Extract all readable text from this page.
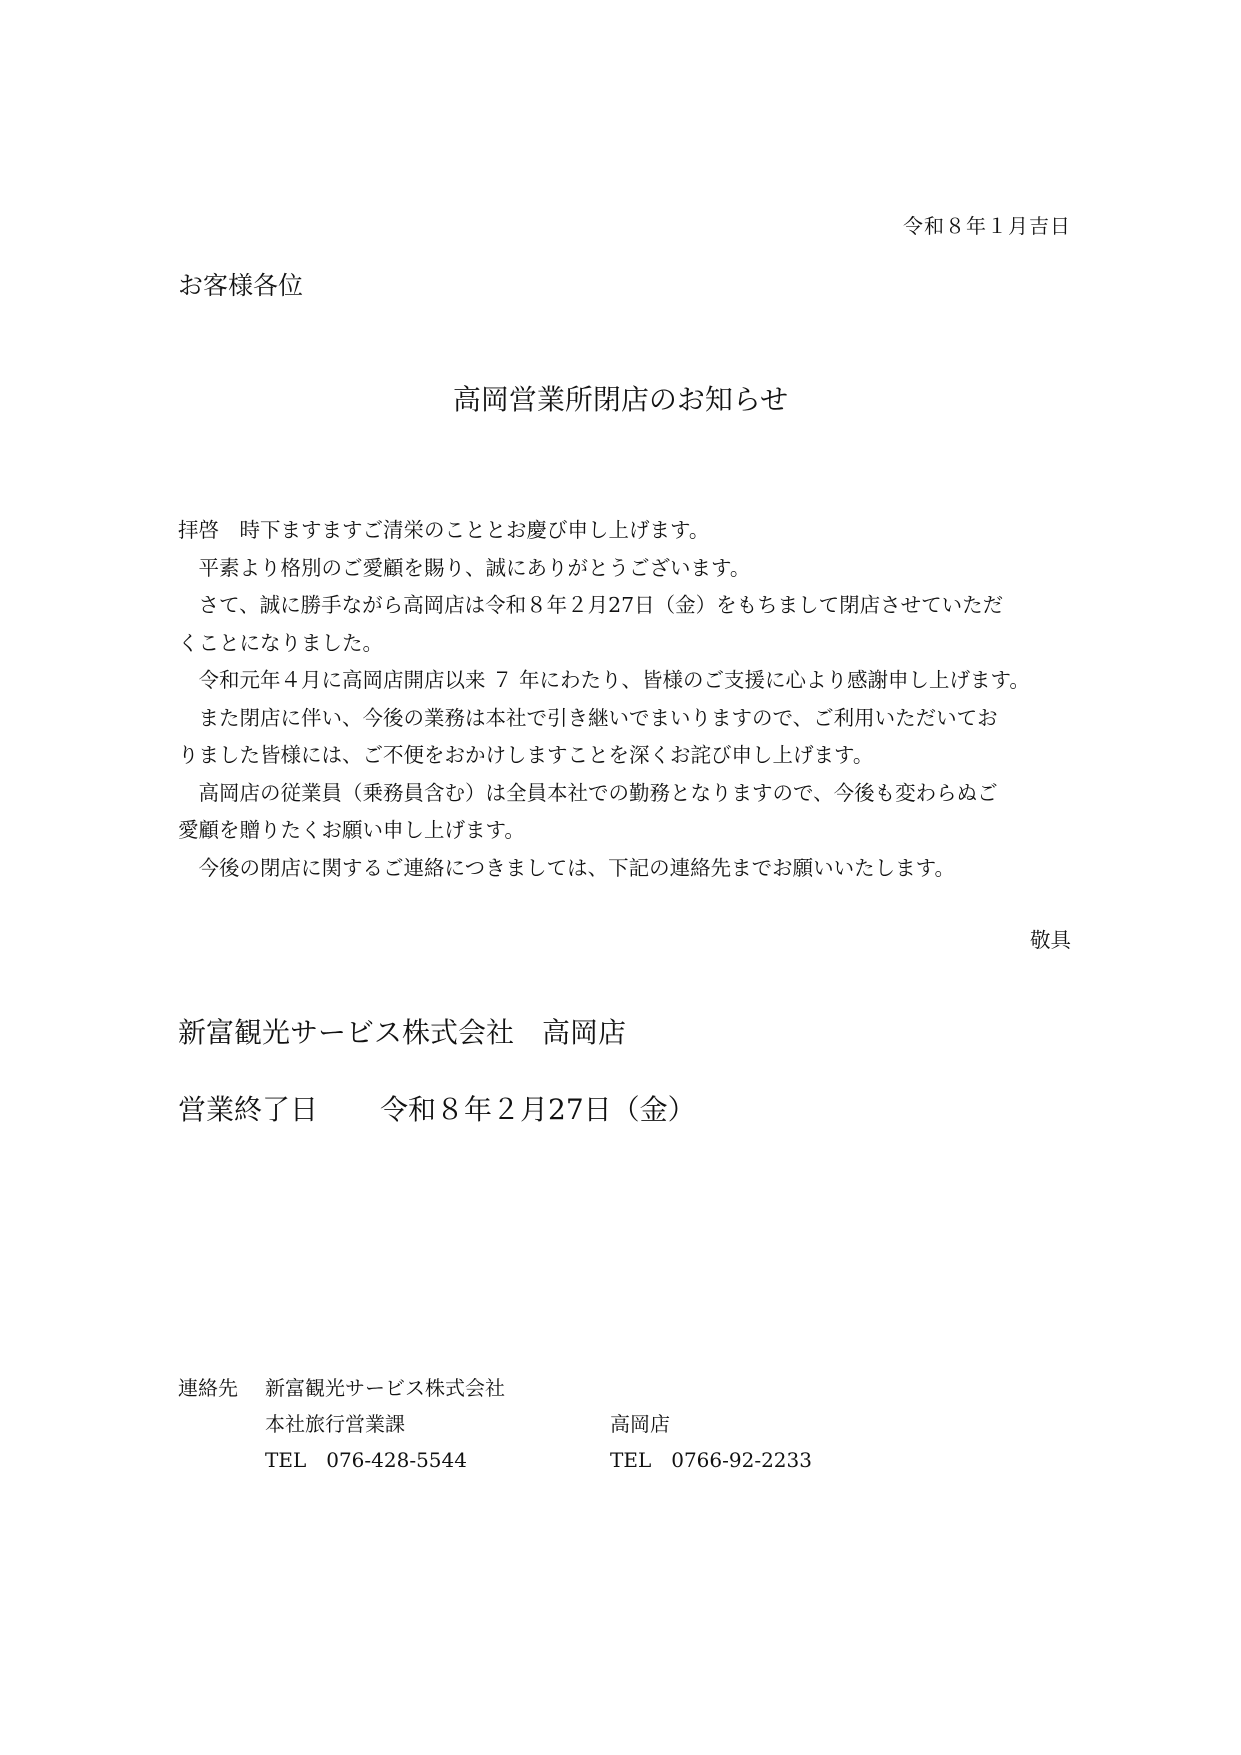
令和８年１月吉日
お客様各位
高岡営業所閉店のお知らせ

拝啓　時下ますますご清栄のこととお慶び申し上げます。

　平素より格別のご愛顧を賜り、誠にありがとうございます。

　さて、誠に勝手ながら高岡店は令和８年２月27日（金）をもちまして閉店させていただ

くことになりました。

　令和元年４月に高岡店開店以来 ７ 年にわたり、皆様のご支援に心より感謝申し上げます。

　また閉店に伴い、今後の業務は本社で引き継いでまいりますので、ご利用いただいてお

りました皆様には、ご不便をおかけしますことを深くお詫び申し上げます。

　高岡店の従業員（乗務員含む）は全員本社での勤務となりますので、今後も変わらぬご

愛顧を贈りたくお願い申し上げます。

　今後の閉店に関するご連絡につきましては、下記の連絡先までお願いいたします。

敬具
新富観光サービス株式会社　高岡店
営業終了日 令和８年２月27日（金）
連絡先 新富観光サービス株式会社
本社旅行営業課	高岡店
TEL　076-428-5544	TEL　0766-92-2233
